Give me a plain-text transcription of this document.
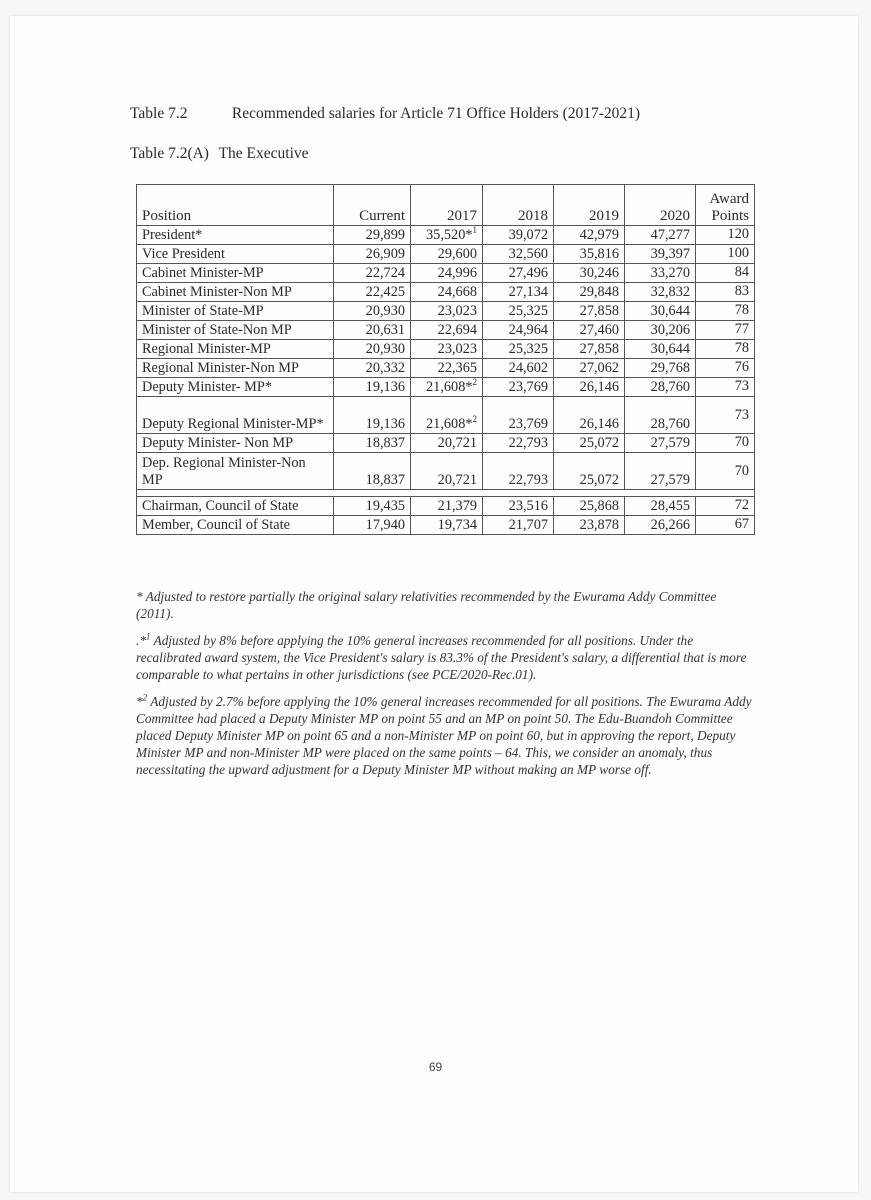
Table 7.2	Recommended salaries for Article 71 Office Holders (2017-2021)
Table 7.2(A) The Executive
Position	Current	2017	2018	2019	2020	Award
Points
President*	29,899	35,520*$^1$	39,072	42,979	47,277	120
Vice President	26,909	29,600	32,560	35,816	39,397	100
Cabinet Minister-MP	22,724	24,996	27,496	30,246	33,270	84
Cabinet Minister-Non MP	22,425	24,668	27,134	29,848	32,832	83
Minister of State-MP	20,930	23,023	25,325	27,858	30,644	78
Minister of State-Non MP	20,631	22,694	24,964	27,460	30,206	77
Regional Minister-MP	20,930	23,023	25,325	27,858	30,644	78
Regional Minister-Non MP	20,332	22,365	24,602	27,062	29,768	76
Deputy Minister- MP*	19,136	21,608*$^2$	23,769	26,146	28,760	73
Deputy Regional Minister-MP*	19,136	21,608*$^2$	23,769	26,146	28,760	73
Deputy Minister- Non MP	18,837	20,721	22,793	25,072	27,579	70
Dep. Regional Minister-Non MP	18,837	20,721	22,793	25,072	27,579	70

Chairman, Council of State	19,435	21,379	23,516	25,868	28,455	72
Member, Council of State	17,940	19,734	21,707	23,878	26,266	67
* Adjusted to restore partially the original salary relativities recommended by the Ewurama Addy Committee (2011).
.*$^1$ Adjusted by 8% before applying the 10% general increases recommended for all positions. Under the recalibrated award system, the Vice President's salary is 83.3% of the President's salary, a differential that is more comparable to what pertains in other jurisdictions (see PCE/2020-Rec.01).
*$^2$ Adjusted by 2.7% before applying the 10% general increases recommended for all positions. The Ewurama Addy Committee had placed a Deputy Minister MP on point 55 and an MP on point 50. The Edu-Buandoh Committee placed Deputy Minister MP on point 65 and a non-Minister MP on point 60, but in approving the report, Deputy Minister MP and non-Minister MP were placed on the same points – 64. This, we consider an anomaly, thus necessitating the upward adjustment for a Deputy Minister MP without making an MP worse off.
69
